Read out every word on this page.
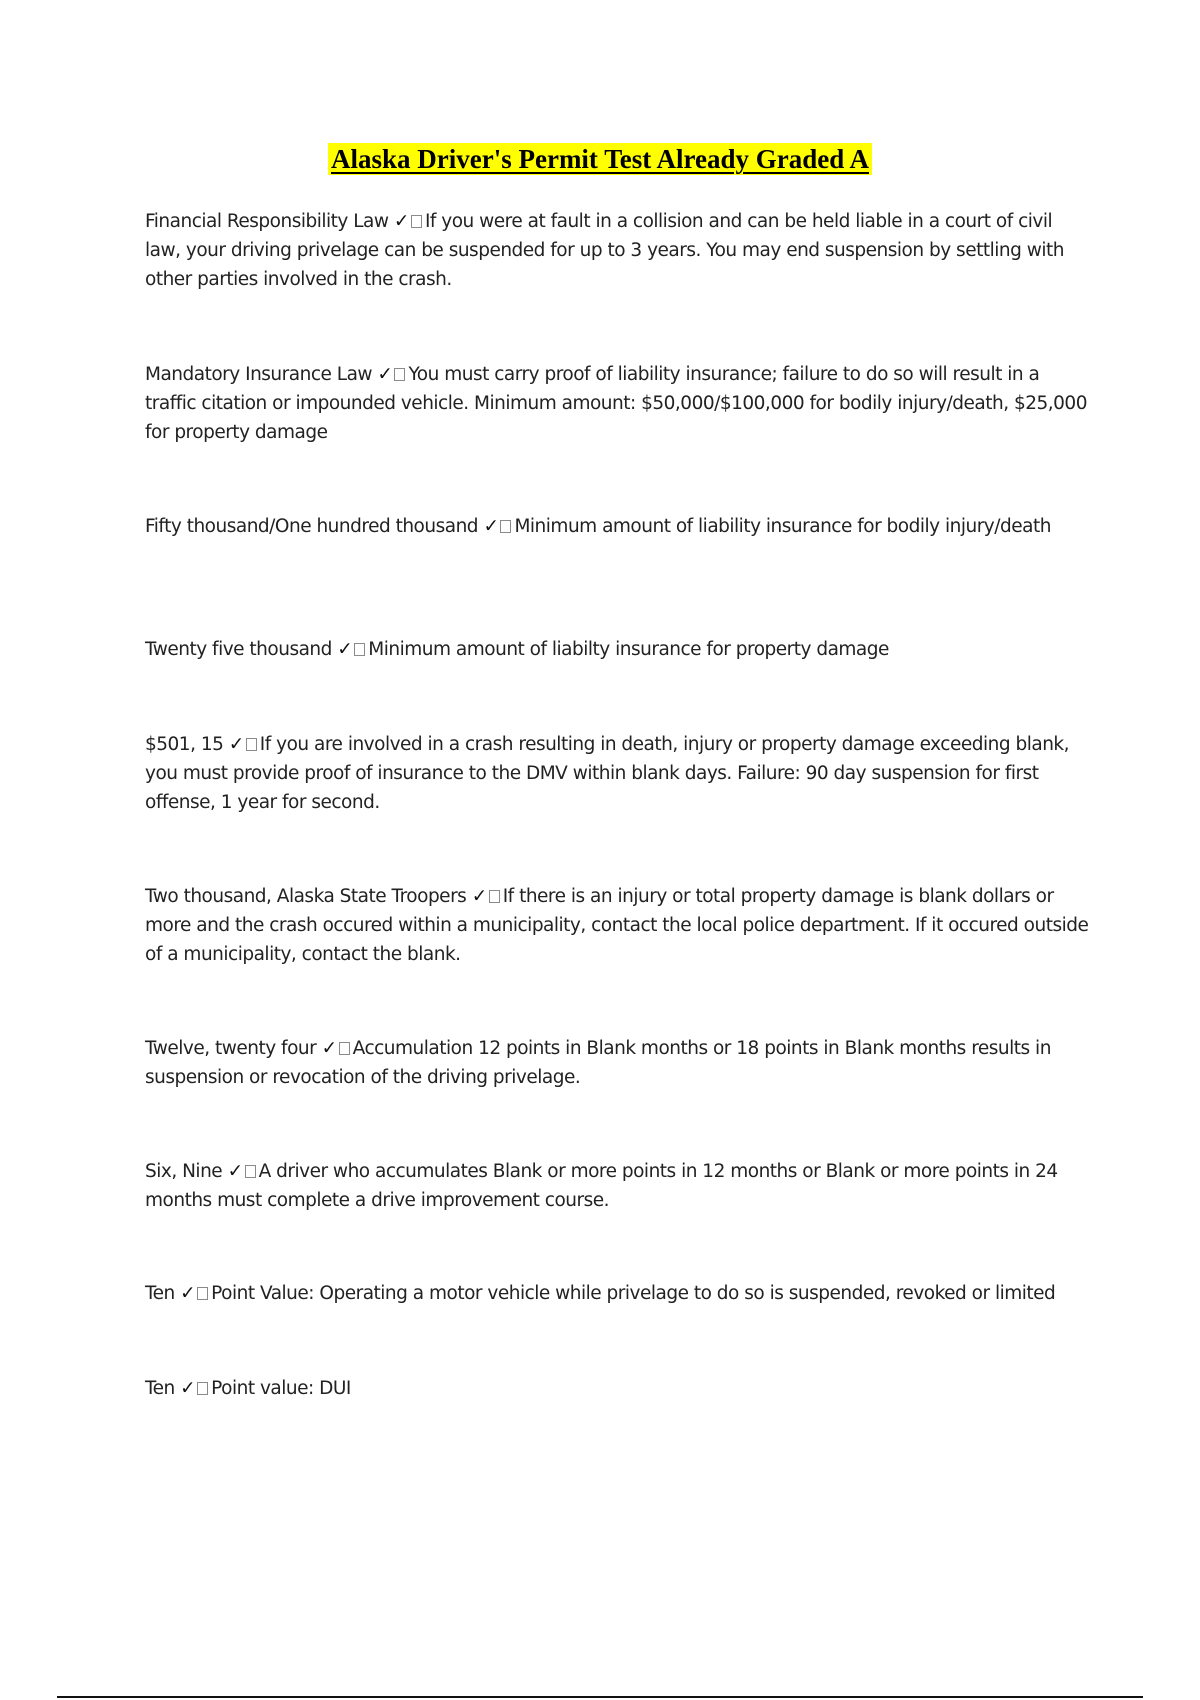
Alaska Driver's Permit Test Already Graded A
Financial Responsibility Law ✓ If you were at fault in a collision and can be held liable in a court of civil law, your driving privelage can be suspended for up to 3 years. You may end suspension by settling with other parties involved in the crash.
Mandatory Insurance Law ✓ You must carry proof of liability insurance; failure to do so will result in a traffic citation or impounded vehicle. Minimum amount: $50,000/$100,000 for bodily injury/death, $25,000 for property damage
Fifty thousand/One hundred thousand ✓ Minimum amount of liability insurance for bodily injury/death
Twenty five thousand ✓ Minimum amount of liabilty insurance for property damage
$501, 15 ✓ If you are involved in a crash resulting in death, injury or property damage exceeding blank, you must provide proof of insurance to the DMV within blank days. Failure: 90 day suspension for first offense, 1 year for second.
Two thousand, Alaska State Troopers ✓ If there is an injury or total property damage is blank dollars or more and the crash occured within a municipality, contact the local police department. If it occured outside of a municipality, contact the blank.
Twelve, twenty four ✓ Accumulation 12 points in Blank months or 18 points in Blank months results in suspension or revocation of the driving privelage.
Six, Nine ✓ A driver who accumulates Blank or more points in 12 months or Blank or more points in 24 months must complete a drive improvement course.
Ten ✓ Point Value: Operating a motor vehicle while privelage to do so is suspended, revoked or limited
Ten ✓ Point value: DUI
